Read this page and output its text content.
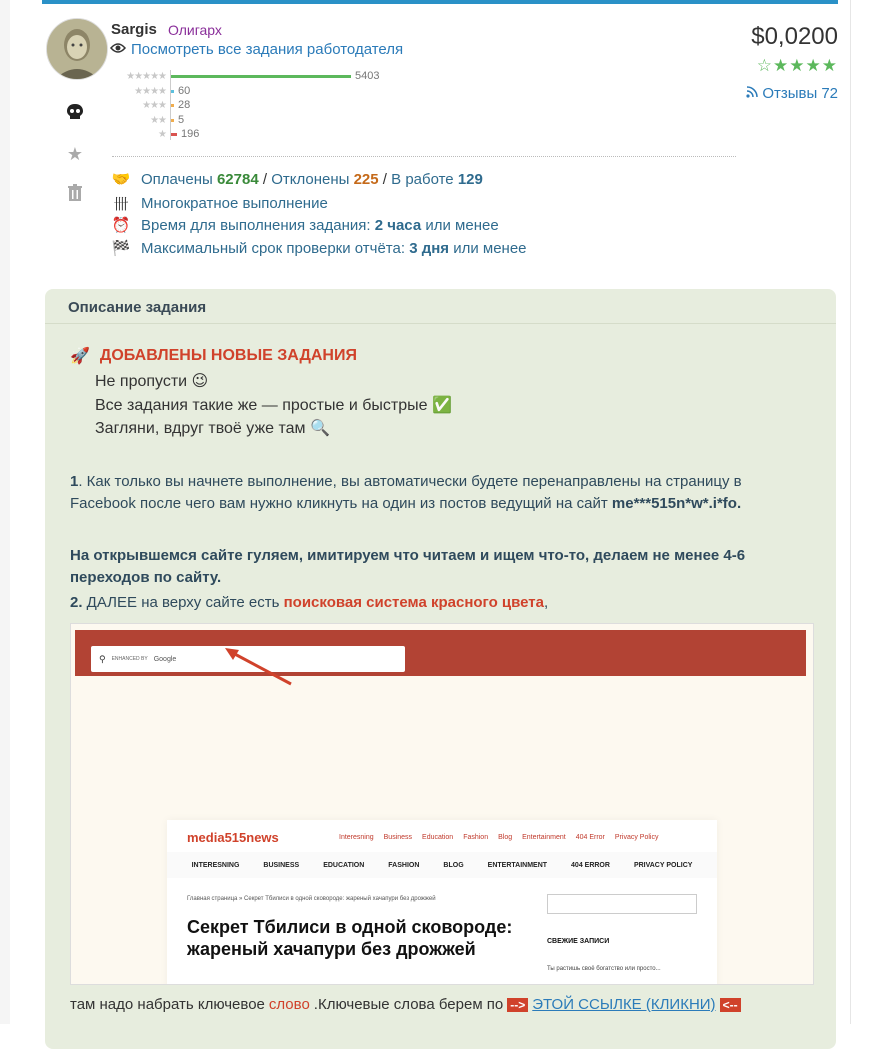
Sargis Олигарх
Посмотреть все задания работодателя	$0,0200
☆ ★ ★ ★ ★
Отзывы 72
★★★★★	5403
★★★★ 60
★★★ 28
★★ 5
★ 196
★
🤝 Оплачены 62784 / Отклонены 225 / В работе 129
卌 Многократное выполнение
⏰ Время для выполнения задания: 2 часа или менее
🏁 Максимальный срок проверки отчёта: 3 дня или менее
Описание задания
🚀 ДОБАВЛЕНЫ НОВЫЕ ЗАДАНИЯ
Не пропусти 😉
Все задания такие же — простые и быстрые ✅
Загляни, вдруг твоё уже там 🔍
1. Как только вы начнете выполнение, вы автоматически будете перенаправлены на страницу в Facebook после чего вам нужно кликнуть на один из постов ведущий на сайт me***515n*w*.i*fo.
На открывшемся сайте гуляем, имитируем что читаем и ищем что-то, делаем не менее 4-6 переходов по сайту.
2. ДАЛЕЕ на верху сайте есть поисковая система красного цвета,
⚲ ENHANCED BY Google
media515news	Interesning Business Education Fashion Blog Entertainment 404 Error Privacy Policy
INTERESNING	BUSINESS	EDUCATION	FASHION	BLOG	ENTERTAINMENT	404 ERROR	PRIVACY POLICY
Главная страница » Секрет Тбилиси в одной сковороде: жареный хачапури без дрожжей
Секрет Тбилиси в одной сковороде: жареный хачапури без дрожжей	СВЕЖИЕ ЗАПИСИ
Ты растишь своё богатство или просто...
там надо набрать ключевое слово .Ключевые слова берем по --> ЭТОЙ ССЫЛКЕ (КЛИКНИ) <--
